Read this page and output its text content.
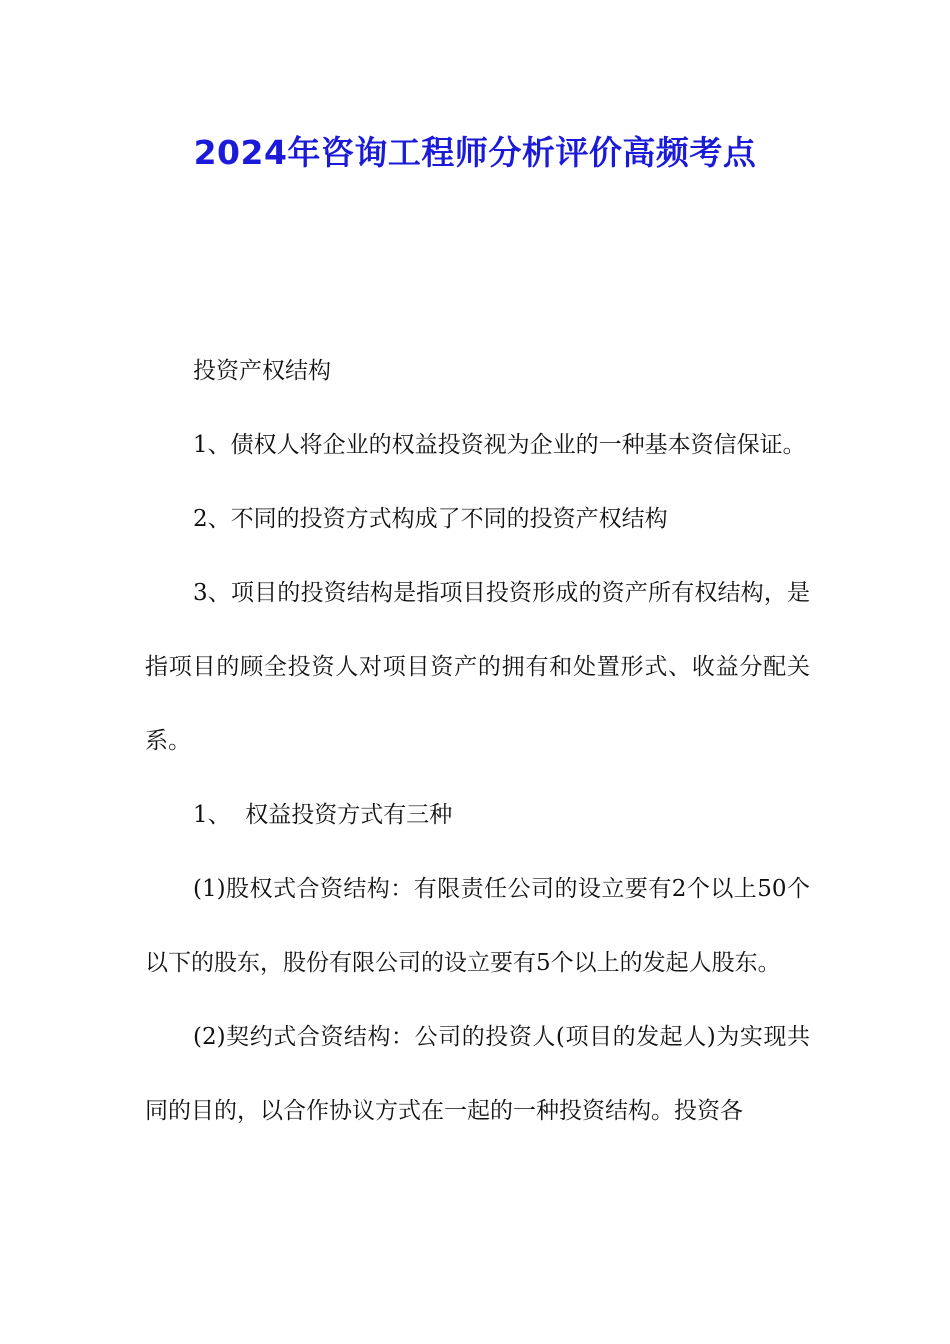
2024年咨询工程师分析评价高频考点

投资产权结构

1、债权人将企业的权益投资视为企业的一种基本资信保证。

2、不同的投资方式构成了不同的投资产权结构

3、项目的投资结构是指项目投资形成的资产所有权结构，是指项目的顾全投资人对项目资产的拥有和处置形式、收益分配关系。

1、  权益投资方式有三种

(1)股权式合资结构：有限责任公司的设立要有2个以上50个以下的股东，股份有限公司的设立要有5个以上的发起人股东。

(2)契约式合资结构：公司的投资人(项目的发起人)为实现共同的目的，以合作协议方式在一起的一种投资结构。投资各
